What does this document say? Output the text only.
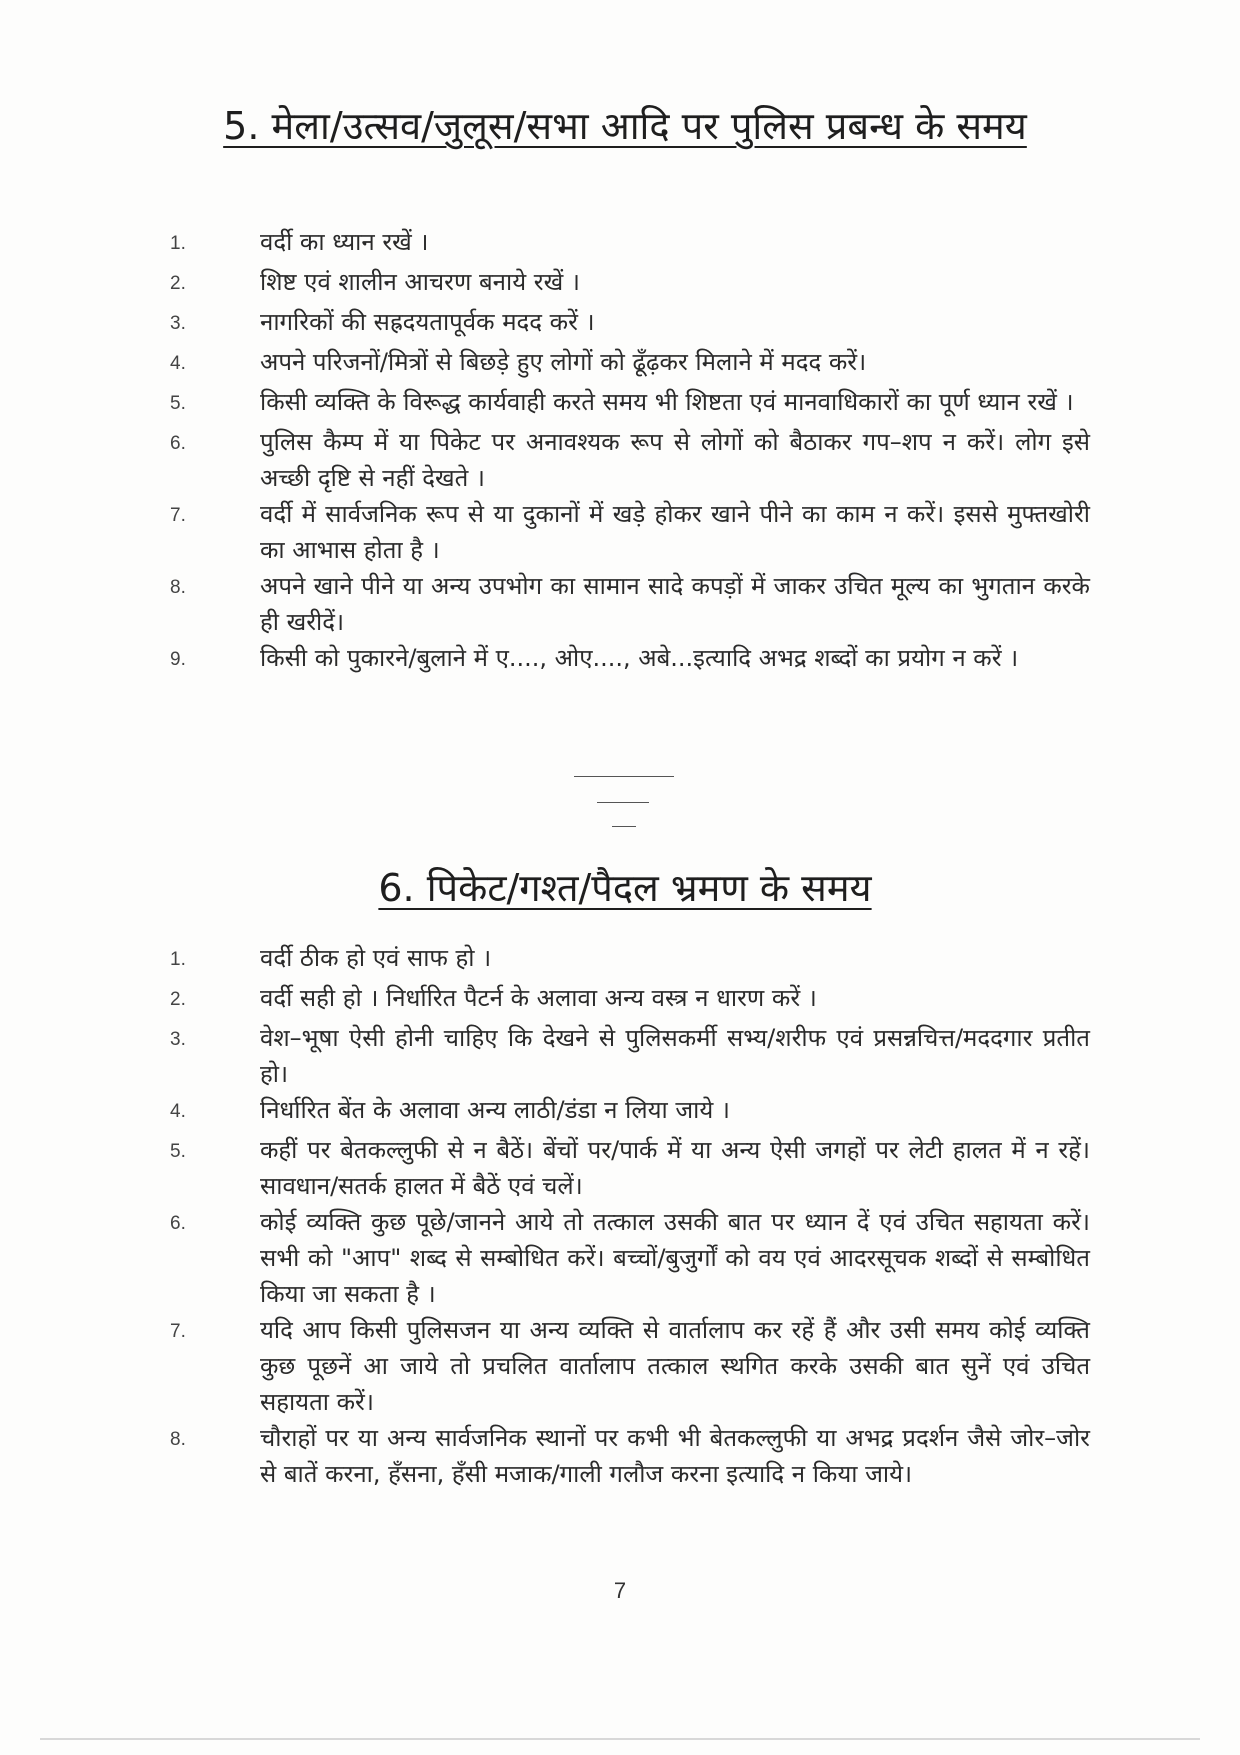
5. मेला/उत्सव/जुलूस/सभा आदि पर पुलिस प्रबन्ध के समय
1.	वर्दी का ध्यान रखें ।
2.	शिष्ट एवं शालीन आचरण बनाये रखें ।
3.	नागरिकों की सह्रदयतापूर्वक मदद करें ।
4.	अपने परिजनों/मित्रों से बिछड़े हुए लोगों को ढूँढ़कर मिलाने में मदद करें।
5.	किसी व्यक्ति के विरूद्ध कार्यवाही करते समय भी शिष्टता एवं मानवाधिकारों का पूर्ण ध्यान रखें ।
6.	पुलिस कैम्प में या पिकेट पर अनावश्यक रूप से लोगों को बैठाकर गप–शप न करें। लोग इसे अच्छी दृष्टि से नहीं देखते ।
7.	वर्दी में सार्वजनिक रूप से या दुकानों में खड़े होकर खाने पीने का काम न करें। इससे मुफ्तखोरी का आभास होता है ।
8.	अपने खाने पीने या अन्य उपभोग का सामान सादे कपड़ों में जाकर उचित मूल्य का भुगतान करके ही खरीदें।
9.	किसी को पुकारने/बुलाने में ए...., ओए...., अबे...इत्यादि अभद्र शब्दों का प्रयोग न करें ।
6. पिकेट/गश्त/पैदल भ्रमण के समय
1.	वर्दी ठीक हो एवं साफ हो ।
2.	वर्दी सही हो । निर्धारित पैटर्न के अलावा अन्य वस्त्र न धारण करें ।
3.	वेश–भूषा ऐसी होनी चाहिए कि देखने से पुलिसकर्मी सभ्य/शरीफ एवं प्रसन्नचित्त/मददगार प्रतीत हो।
4.	निर्धारित बेंत के अलावा अन्य लाठी/डंडा न लिया जाये ।
5.	कहीं पर बेतकल्लुफी से न बैठें। बेंचों पर/पार्क में या अन्य ऐसी जगहों पर लेटी हालत में न रहें। सावधान/सतर्क हालत में बैठें एवं चलें।
6.	कोई व्यक्ति कुछ पूछे/जानने आये तो तत्काल उसकी बात पर ध्यान दें एवं उचित सहायता करें। सभी को "आप" शब्द से सम्बोधित करें। बच्चों/बुजुर्गों को वय एवं आदरसूचक शब्दों से सम्बोधित किया जा सकता है ।
7.	यदि आप किसी पुलिसजन या अन्य व्यक्ति से वार्तालाप कर रहें हैं और उसी समय कोई व्यक्ति कुछ पूछनें आ जाये तो प्रचलित वार्तालाप तत्काल स्थगित करके उसकी बात सुनें एवं उचित सहायता करें।
8.	चौराहों पर या अन्य सार्वजनिक स्थानों पर कभी भी बेतकल्लुफी या अभद्र प्रदर्शन जैसे जोर–जोर से बातें करना, हँसना, हँसी मजाक/गाली गलौज करना इत्यादि न किया जाये।
7
